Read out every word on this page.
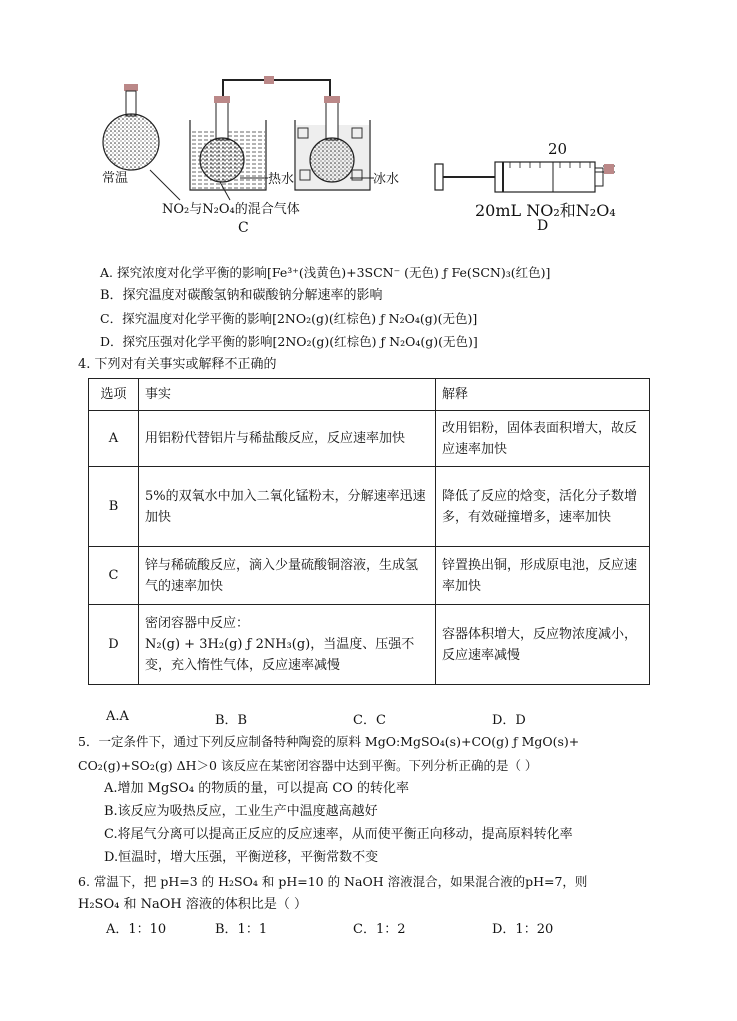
常温	热水	冰水
NO₂与N₂O₄的混合气体
C
20
20mL NO₂和N₂O₄
D
A. 探究浓度对化学平衡的影响[Fe³⁺(浅黄色)+3SCN⁻ (无色) ƒ Fe(SCN)₃(红色)]
B．探究温度对碳酸氢钠和碳酸钠分解速率的影响
C．探究温度对化学平衡的影响[2NO₂(g)(红棕色) ƒ N₂O₄(g)(无色)]
D．探究压强对化学平衡的影响[2NO₂(g)(红棕色) ƒ N₂O₄(g)(无色)]
4. 下列对有关事实或解释不正确的
选项	事实	解释
A	用铝粉代替铝片与稀盐酸反应，反应速率加快	改用铝粉，固体表面积增大，故反应速率加快
B	5%的双氧水中加入二氧化锰粉末，分解速率迅速加快	降低了反应的焓变，活化分子数增多，有效碰撞增多，速率加快
C	锌与稀硫酸反应，滴入少量硫酸铜溶液，生成氢气的速率加快	锌置换出铜，形成原电池，反应速率加快
D	密闭容器中反应：
N₂(g) + 3H₂(g) ƒ 2NH₃(g)，当温度、压强不变，充入惰性气体，反应速率减慢	容器体积增大，反应物浓度减小，反应速率减慢
A.A	B．B	C．C	D．D
5．一定条件下，通过下列反应制备特种陶瓷的原料 MgO:MgSO₄(s)+CO(g) ƒ MgO(s)+
CO₂(g)+SO₂(g) ΔH＞0 该反应在某密闭容器中达到平衡。下列分析正确的是（ ）
A.增加 MgSO₄ 的物质的量，可以提高 CO 的转化率
B.该反应为吸热反应，工业生产中温度越高越好
C.将尾气分离可以提高正反应的反应速率，从而使平衡正向移动，提高原料转化率
D.恒温时，增大压强，平衡逆移，平衡常数不变
6. 常温下，把 pH=3 的 H₂SO₄ 和 pH=10 的 NaOH 溶液混合，如果混合液的pH=7，则
H₂SO₄ 和 NaOH 溶液的体积比是（ ）
A．1：10	B．1：1	C．1：2	D．1：20
